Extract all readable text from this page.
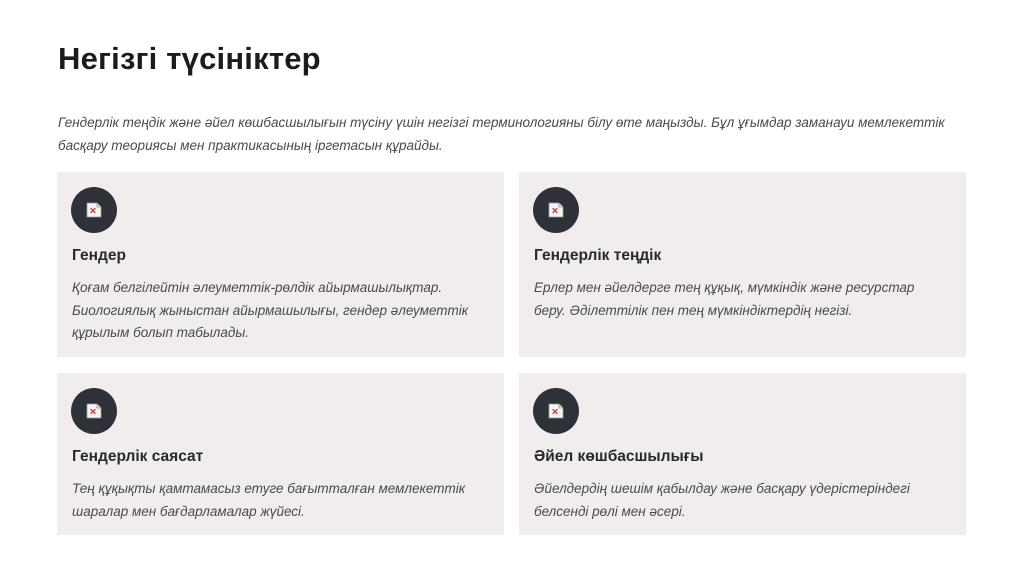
Негізгі түсініктер

Гендерлік теңдік және әйел көшбасшылығын түсіну үшін негізгі терминологияны білу өте маңызды. Бұл ұғымдар заманауи мемлекеттік басқару теориясы мен практикасының іргетасын құрайды.

Гендер

Қоғам белгілейтін әлеуметтік-рөлдік айырмашылықтар. Биологиялық жыныстан айырмашылығы, гендер әлеуметтік құрылым болып табылады.

Гендерлік теңдік

Ерлер мен әйелдерге тең құқық, мүмкіндік және ресурстар беру. Әділеттілік пен тең мүмкіндіктердің негізі.

Гендерлік саясат

Тең құқықты қамтамасыз етуге бағытталған мемлекеттік шаралар мен бағдарламалар жүйесі.

Әйел көшбасшылығы

Әйелдердің шешім қабылдау және басқару үдерістеріндегі белсенді рөлі мен әсері.
